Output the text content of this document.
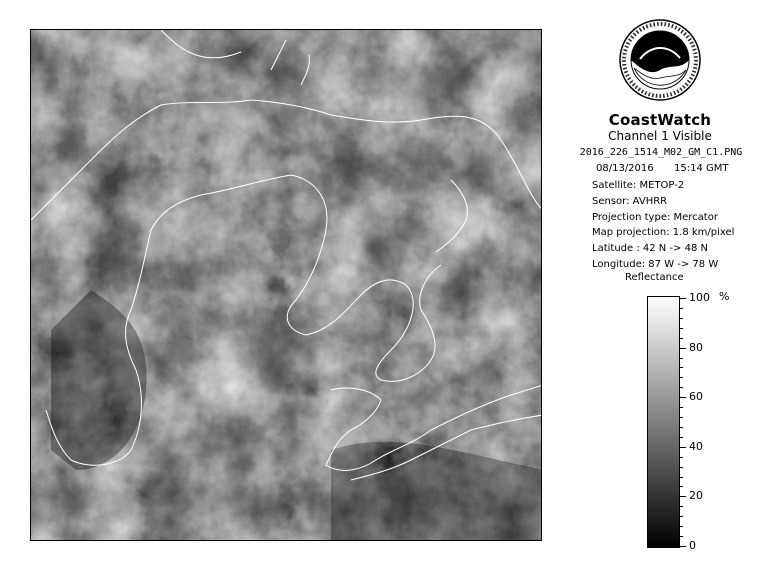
CoastWatch
Channel 1 Visible
2016_226_1514_M02_GM_C1.PNG
08/13/2016 15:14 GMT
Satellite: METOP-2
Sensor: AVHRR
Projection type: Mercator
Map projection: 1.8 km/pixel
Latitude : 42 N -> 48 N
Longitude: 87 W -> 78 W
Reflectance
%
100
80
60
40
20
0
